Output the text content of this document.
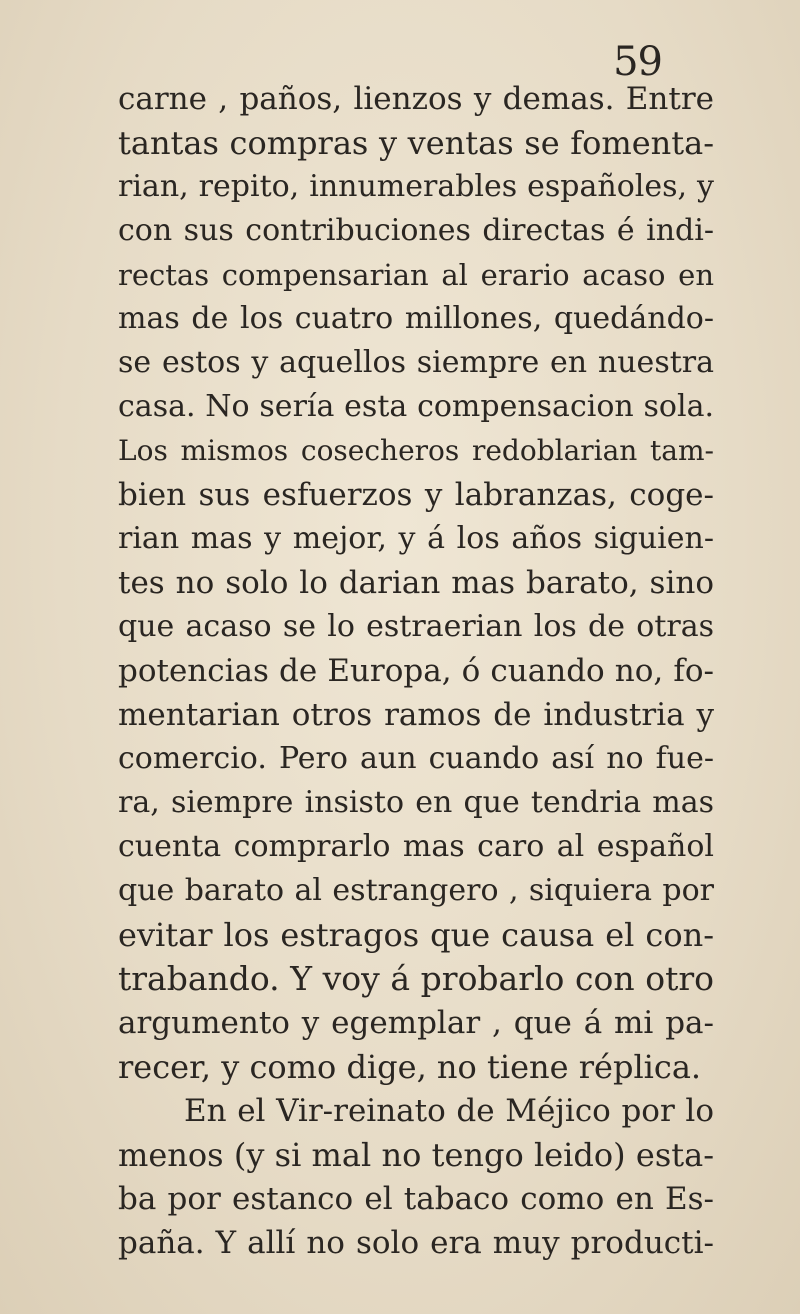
59
carne , paños, lienzos y demas. Entre
tantas compras y ventas se fomenta-
rian, repito, innumerables españoles, y
con sus contribuciones directas é indi-
rectas compensarian al erario acaso en
mas de los cuatro millones, quedándo-
se estos y aquellos siempre en nuestra
casa. No sería esta compensacion sola.
Los mismos cosecheros redoblarian tam-
bien sus esfuerzos y labranzas, coge-
rian mas y mejor, y á los años siguien-
tes no solo lo darian mas barato, sino
que acaso se lo estraerian los de otras
potencias de Europa, ó cuando no, fo-
mentarian otros ramos de industria y
comercio. Pero aun cuando así no fue-
ra, siempre insisto en que tendria mas
cuenta comprarlo mas caro al español
que barato al estrangero , siquiera por
evitar los estragos que causa el con-
trabando. Y voy á probarlo con otro
argumento y egemplar , que á mi pa-
recer, y como dige, no tiene réplica.
En el Vir-reinato de Méjico por lo
menos (y si mal no tengo leido) esta-
ba por estanco el tabaco como en Es-
paña. Y allí no solo era muy producti-
